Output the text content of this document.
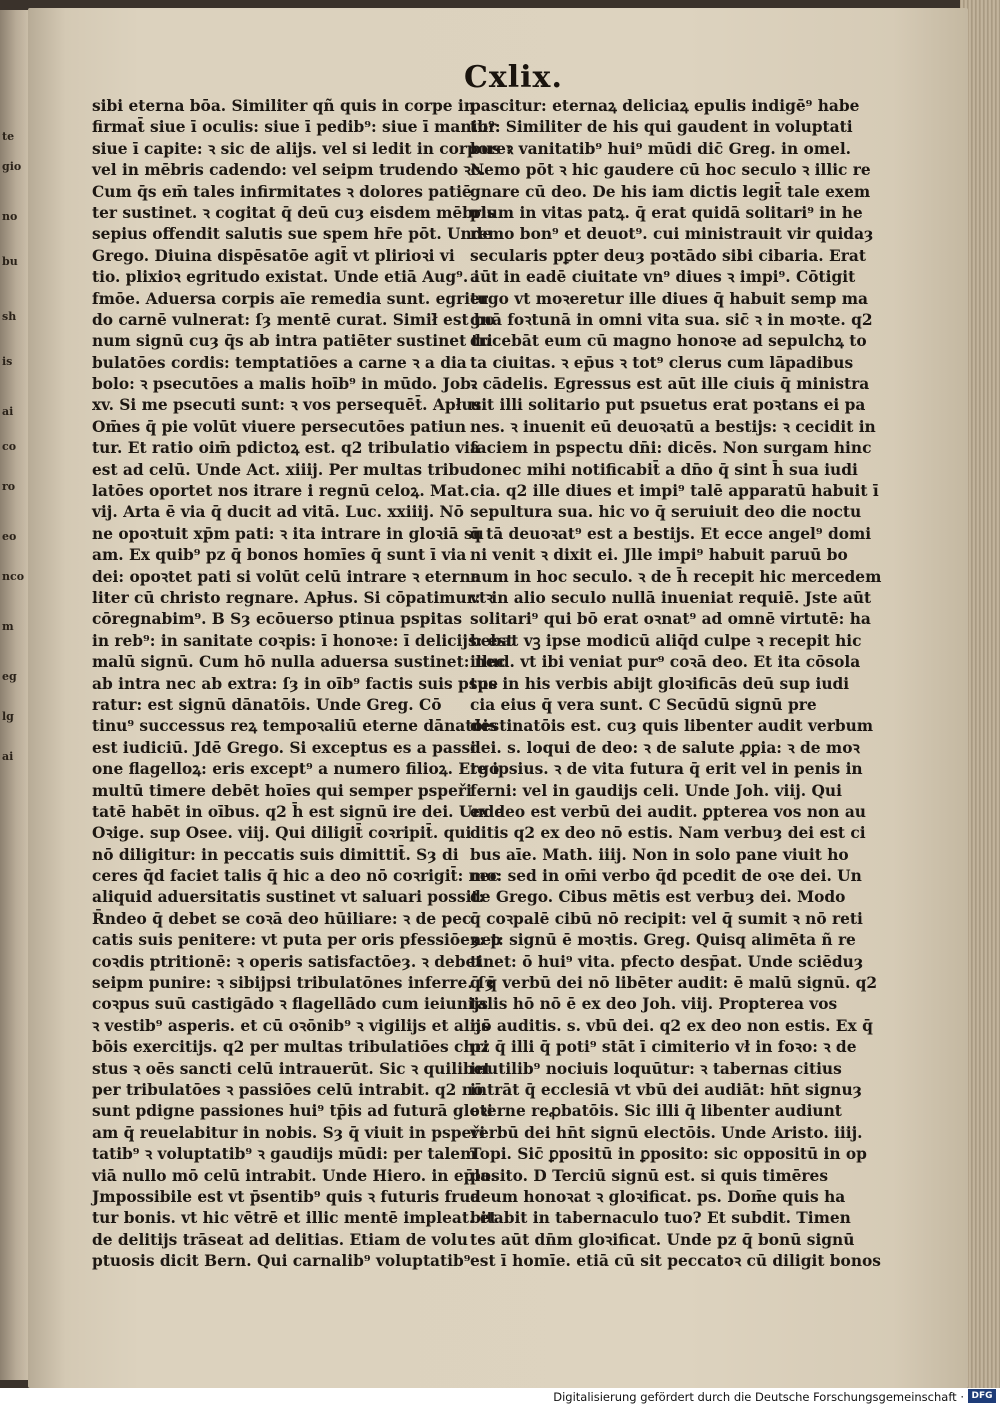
te
gio
no
bu
sh
is
ai
co
ro
eo
nco
m
eg
lg
ai
Cxlix.
sibi eterna bōa. Similiter qñ quis in corpe in
firmat̄ siue ī oculis: siue ī pedib⁹: siue ī manib⁹:
siue ī capite: ꝛ sic de alijs. vel si ledit in corpore:
vel in mēbris cadendo: vel seipm trudendo ꝛc.
Cum q̄s em̄ tales infirmitates ꝛ dolores patiē
ter sustinet. ꝛ cogitat q̄ deū cuȝ eisdem mēbris
sepius offendit salutis sue spem hr̄e pōt. Unde
Grego. Diuina dispēsatōe agit̄ vt plirioꝛi vi
tio. plixioꝛ egritudo existat. Unde etiā Aug⁹. i
fmōe. Aduersa corpis aīe remedia sunt. egritu
do carnē vulnerat: ſȝ mentē curat. Simił̄ est bo
num signū cuȝ q̄s ab intra patiēter sustinet tri
bulatōes cordis: temptatiōes a carne ꝛ a dia
bolo: ꝛ psecutōes a malis hoīb⁹ in mūdo. Job.
xv. Si me psecuti sunt: ꝛ vos persequēt̄. Apłus.
Om̄es q̄ pie volūt viuere persecutōes patiun
tur. Et ratio oim̄ pdictoꝝ est. q2 tribulatio via
est ad celū. Unde Act. xiiij. Per multas tribu
latōes oportet nos itrare i regnū celoꝝ. Mat.
vij. Arta ē via q̄ ducit ad vitā. Luc. xxiiij. Nō
ne opoꝛtuit xp̄m pati: ꝛ ita intrare in gloꝛiā su
am. Ex quib⁹ pz q̄ bonos homīes q̄ sunt ī via
dei: opoꝛtet pati si volūt celū intrare ꝛ eterna
liter cū christo regnare. Apłus. Si cōpatimur: ꝛ
cōregnabim⁹. B Sȝ ecōuerso ptinua pspitas
in reb⁹: in sanitate coꝛpis: ī honoꝛe: ī delicijs: est
malū signū. Cum hō nulla aduersa sustinet: nec
ab intra nec ab extra: ſȝ in oīb⁹ factis suis pspe
ratur: est signū dānatōis. Unde Greg. Cō
tinu⁹ successus reꝝ tempoꝛaliū eterne dānatōis
est iudiciū. Jdē Grego. Si exceptus es a passi
one flagelloꝝ: eris except⁹ a numero filioꝝ. Ergo
multū timere debēt hoīes qui semper pspeři
tatē habēt in oībus. q2 h̄ est signū ire dei. Unde
Oꝛige. sup Osee. viij. Qui diligit̄ coꝛripit̄. qui
nō diligitur: in peccatis suis dimittit̄. Sȝ di
ceres q̄d faciet talis q̄ hic a deo nō coꝛrigit̄: nec
aliquid aduersitatis sustinet vt saluari possit:
R̄ndeo q̄ debet se coꝛā deo hūiliare: ꝛ de pec
catis suis penitere: vt puta per oris pfessiōeȝ: p
coꝛdis ptritionē: ꝛ operis satisfactōeȝ. ꝛ debet
seipm punire: ꝛ sibijpsi tribulatōnes inferre. ſȝ
coꝛpus suū castigādo ꝛ flagellādo cum ieiunijs
ꝛ vestib⁹ asperis. et cū oꝛōnib⁹ ꝛ vigilijs et alijs
bōis exercitijs. q2 per multas tribulatiōes chri
stus ꝛ oēs sancti celū intrauerūt. Sic ꝛ quilibet
per tribulatōes ꝛ passiōes celū intrabit. q2 nō
sunt pdigne passiones hui⁹ tp̄is ad futurā gloꝛi
am q̄ reuelabitur in nobis. Sȝ q̄ viuit in pspeři
tatib⁹ ꝛ voluptatib⁹ ꝛ gaudijs mūdi: per talem
viā nullo mō celū intrabit. Unde Hiero. in ep̄la.
Jmpossibile est vt p̄sentib⁹ quis ꝛ futuris frua
tur bonis. vt hic vētrē et illic mentē impleat. et
de delitijs trāseat ad delitias. Etiam de volu
ptuosis dicit Bern. Qui carnalib⁹ voluptatib⁹
pascitur: eternaꝝ deliciaꝝ epulis indigē⁹ habe
tur. Similiter de his qui gaudent in voluptati
bus ꝛ vanitatib⁹ hui⁹ mūdi dic̄ Greg. in omel.
Nemo pōt ꝛ hic gaudere cū hoc seculo ꝛ illic re
gnare cū deo. De his iam dictis legit̄ tale exem
plum in vitas patꝝ. q̄ erat quidā solitari⁹ in he
remo bon⁹ et deuot⁹. cui ministrauit vir quidaȝ
secularis pꝑter deuȝ poꝛtādo sibi cibaria. Erat
aūt in eadē ciuitate vn⁹ diues ꝛ impi⁹. Cōtigit
ergo vt moꝛeretur ille diues q̄ habuit semp ma
gnā foꝛtunā in omni vita sua. sic̄ ꝛ in moꝛte. q2
ducebāt eum cū magno honoꝛe ad sepulchꝝ to
ta ciuitas. ꝛ ep̄us ꝛ tot⁹ clerus cum lāpadibus
ꝛ cādelis. Egressus est aūt ille ciuis q̄ ministra
uit illi solitario put psuetus erat poꝛtans ei pa
nes. ꝛ inuenit eū deuoꝛatū a bestijs: ꝛ cecidit in
faciem in pspectu dn̄i: dicēs. Non surgam hinc
donec mihi notificabit̄ a dn̄o q̄ sint h̄ sua iudi
cia. q2 ille diues et impi⁹ talē apparatū habuit ī
sepultura sua. hic vo q̄ seruiuit deo die noctu
q̄ tā deuoꝛat⁹ est a bestijs. Et ecce angel⁹ domi
ni venit ꝛ dixit ei. Jlle impi⁹ habuit paruū bo
num in hoc seculo. ꝛ de h̄ recepit hic mercedem
vt in alio seculo nullā inueniat requiē. Jste aūt
solitari⁹ qui bō erat oꝛnat⁹ ad omnē virtutē: ha
bebat vꝫ ipse modicū aliq̄d culpe ꝛ recepit hic
illud. vt ibi veniat pur⁹ coꝛā deo. Et ita cōsola
tus in his verbis abijt gloꝛificās deū sup iudi
cia eius q̄ vera sunt. C Secūdū signū pre
destinatōis est. cuȝ quis libenter audit verbum
dei. s. loqui de deo: ꝛ de salute ꝓꝑia: ꝛ de moꝛ
te ipsius. ꝛ de vita futura q̄ erit vel in penis in
ferni: vel in gaudijs celi. Unde Joh. viij. Qui
ex deo est verbū dei audit. ꝑpterea vos non au
ditis q2 ex deo nō estis. Nam verbuȝ dei est ci
bus aīe. Math. iiij. Non in solo pane viuit ho
mo: sed in om̄i verbo q̄d pcedit de oꝛe dei. Un
de Grego. Cibus mētis est verbuȝ dei. Modo
q̄ coꝛpalē cibū nō recipit: vel q̄ sumit ꝛ nō reti
net: signū ē moꝛtis. Greg. Quisq alimēta ñ re
tinet: ō hui⁹ vita. pfecto desp̄at. Unde sciēduȝ
q̄ q̄ verbū dei nō libēter audit: ē malū signū. q2
talis hō nō ē ex deo Joh. viij. Propterea vos
nō auditis. s. vbū dei. q2 ex deo non estis. Ex q̄
pz q̄ illi q̄ poti⁹ stāt ī cimiterio vł in foꝛo: ꝛ de
inutilib⁹ nociuis loquūtur: ꝛ tabernas citius
intrāt q̄ ecclesiā vt vbū dei audiāt: hn̄t signuȝ
eterne reꝓbatōis. Sic illi q̄ libenter audiunt
verbū dei hn̄t signū electōis. Unde Aristo. iiij.
Topi. Sic̄ ꝑpositū in ꝑposito: sic oppositū in op
posito. D Terciū signū est. si quis timēres
deum honoꝛat ꝛ gloꝛificat. ps. Dom̄e quis ha
bitabit in tabernaculo tuo? Et subdit. Timen
tes aūt dn̄m gloꝛificat. Unde pz q̄ bonū signū
est ī homīe. etiā cū sit peccatoꝛ cū diligit bonos
Digitalisierung gefördert durch die Deutsche Forschungsgemeinschaft · DFG
